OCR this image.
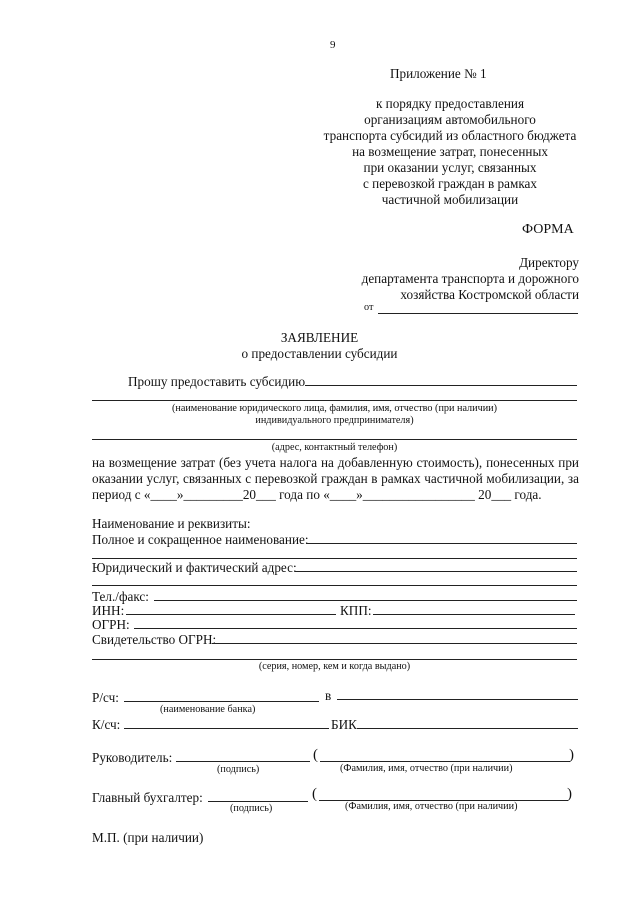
9
Приложение № 1
к порядку предоставления
организациям автомобильного
транспорта субсидий из областного бюджета
на возмещение затрат, понесенных
при оказании услуг, связанных
с перевозкой граждан в рамках
частичной мобилизации
ФОРМА
Директору
департамента транспорта и дорожного
хозяйства Костромской области
от
ЗАЯВЛЕНИЕ
о предоставлении субсидии
Прошу предоставить субсидию
(наименование юридического лица, фамилия, имя, отчество (при наличии)
индивидуального предпринимателя)
(адрес, контактный телефон)
на возмещение затрат (без учета налога на добавленную стоимость), понесенных при
оказании услуг, связанных с перевозкой граждан в рамках частичной мобилизации, за
период с «____»_________20___ года по «____»_________________ 20___ года.
Наименование и реквизиты:
Полное и сокращенное наименование:
Юридический и фактический адрес:
Тел./факс:
ИНН:	КПП:
ОГРН:
Свидетельство ОГРН:
(серия, номер, кем и когда выдано)
Р/сч:	в
(наименование банка)
К/сч:	БИК
Руководитель:	(	)
(подпись)	(Фамилия, имя, отчество (при наличии)
Главный бухгалтер:	(	)
(подпись)	(Фамилия, имя, отчество (при наличии)
М.П. (при наличии)
